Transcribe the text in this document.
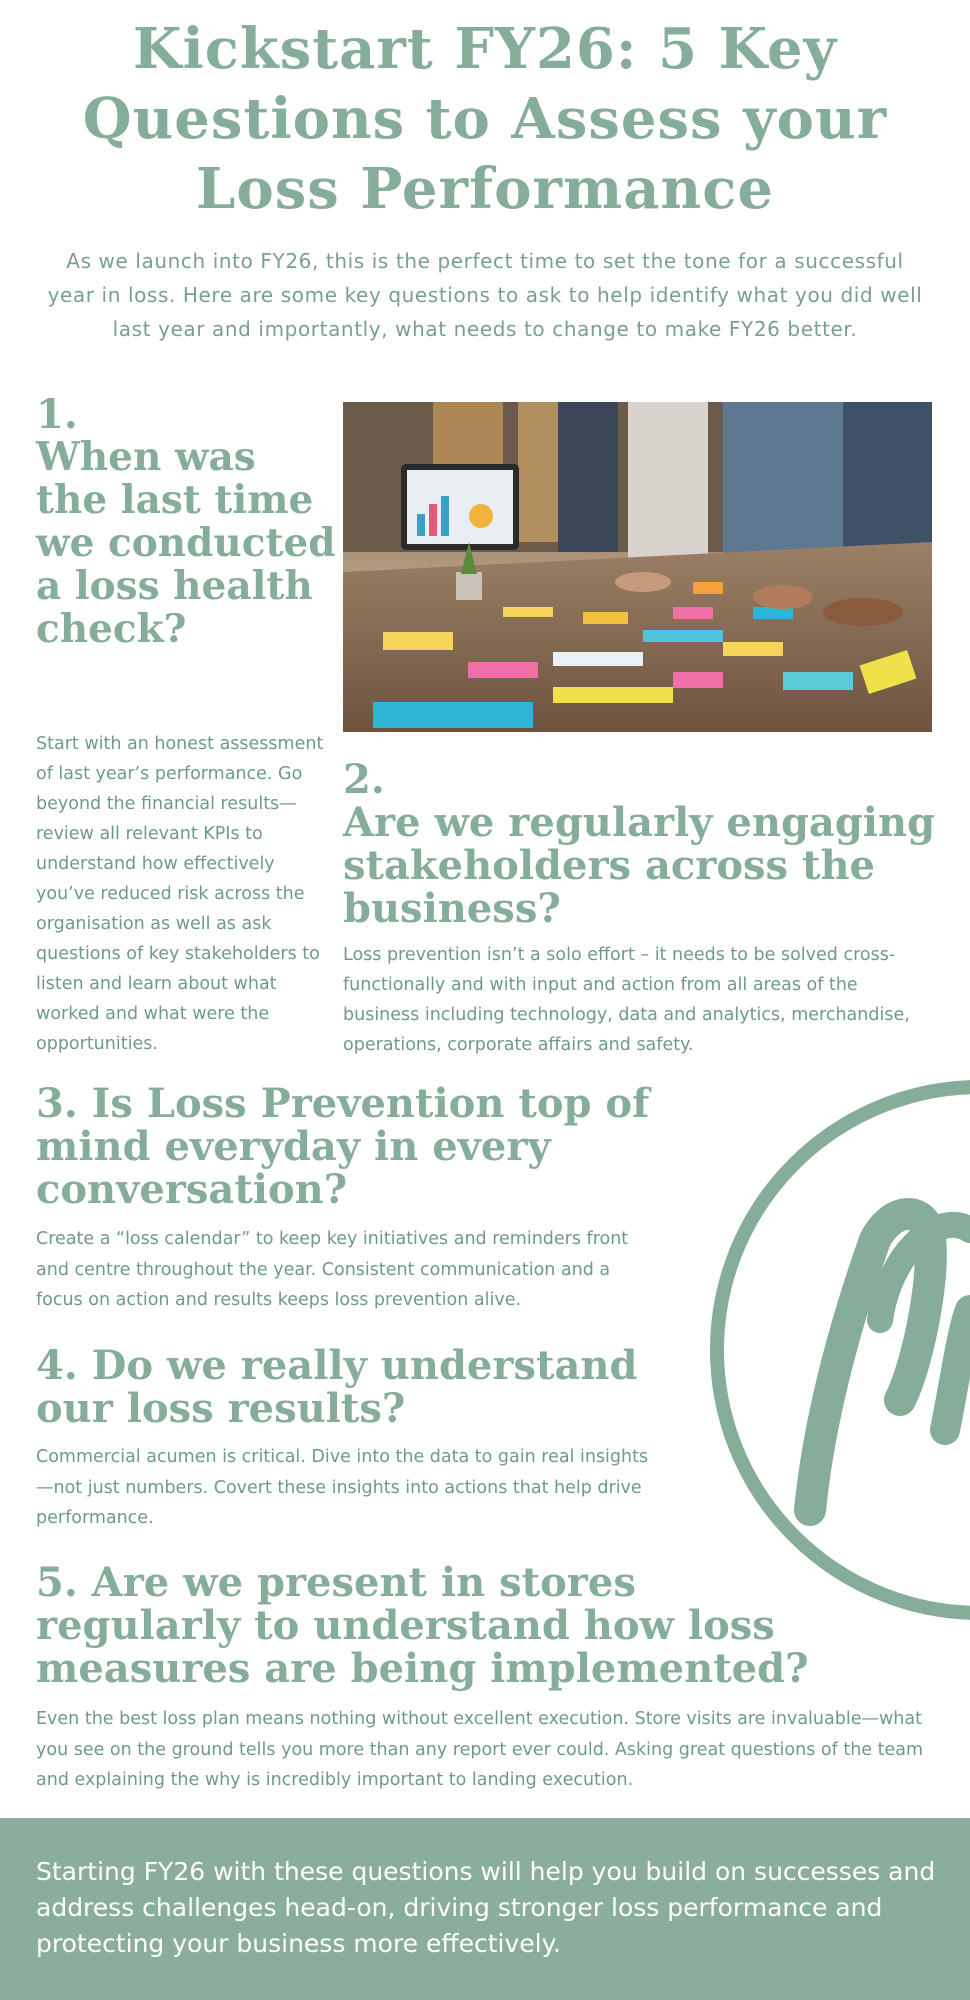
Kickstart FY26: 5 Key Questions to Assess your Loss Performance

As we launch into FY26, this is the perfect time to set the tone for a successful year in loss. Here are some key questions to ask to help identify what you did well last year and importantly, what needs to change to make FY26 better.

1.

When was the last time we conducted a loss health check?

Start with an honest assessment of last year’s performance. Go beyond the financial results—review all relevant KPIs to understand how effectively you’ve reduced risk across the organisation as well as ask questions of key stakeholders to listen and learn about what worked and what were the opportunities.

2.

Are we regularly engaging stakeholders across the business?

Loss prevention isn’t a solo effort – it needs to be solved cross-functionally and with input and action from all areas of the business including technology, data and analytics, merchandise, operations, corporate affairs and safety.

3. Is Loss Prevention top of mind everyday in every conversation?

Create a “loss calendar” to keep key initiatives and reminders front and centre throughout the year. Consistent communication and a focus on action and results keeps loss prevention alive.

4. Do we really understand our loss results?

Commercial acumen is critical. Dive into the data to gain real insights—not just numbers. Covert these insights into actions that help drive performance.

5. Are we present in stores regularly to understand how loss measures are being implemented?

Even the best loss plan means nothing without excellent execution. Store visits are invaluable—what you see on the ground tells you more than any report ever could. Asking great questions of the team and explaining the why is incredibly important to landing execution.

Starting FY26 with these questions will help you build on successes and address challenges head-on, driving stronger loss performance and protecting your business more effectively.
